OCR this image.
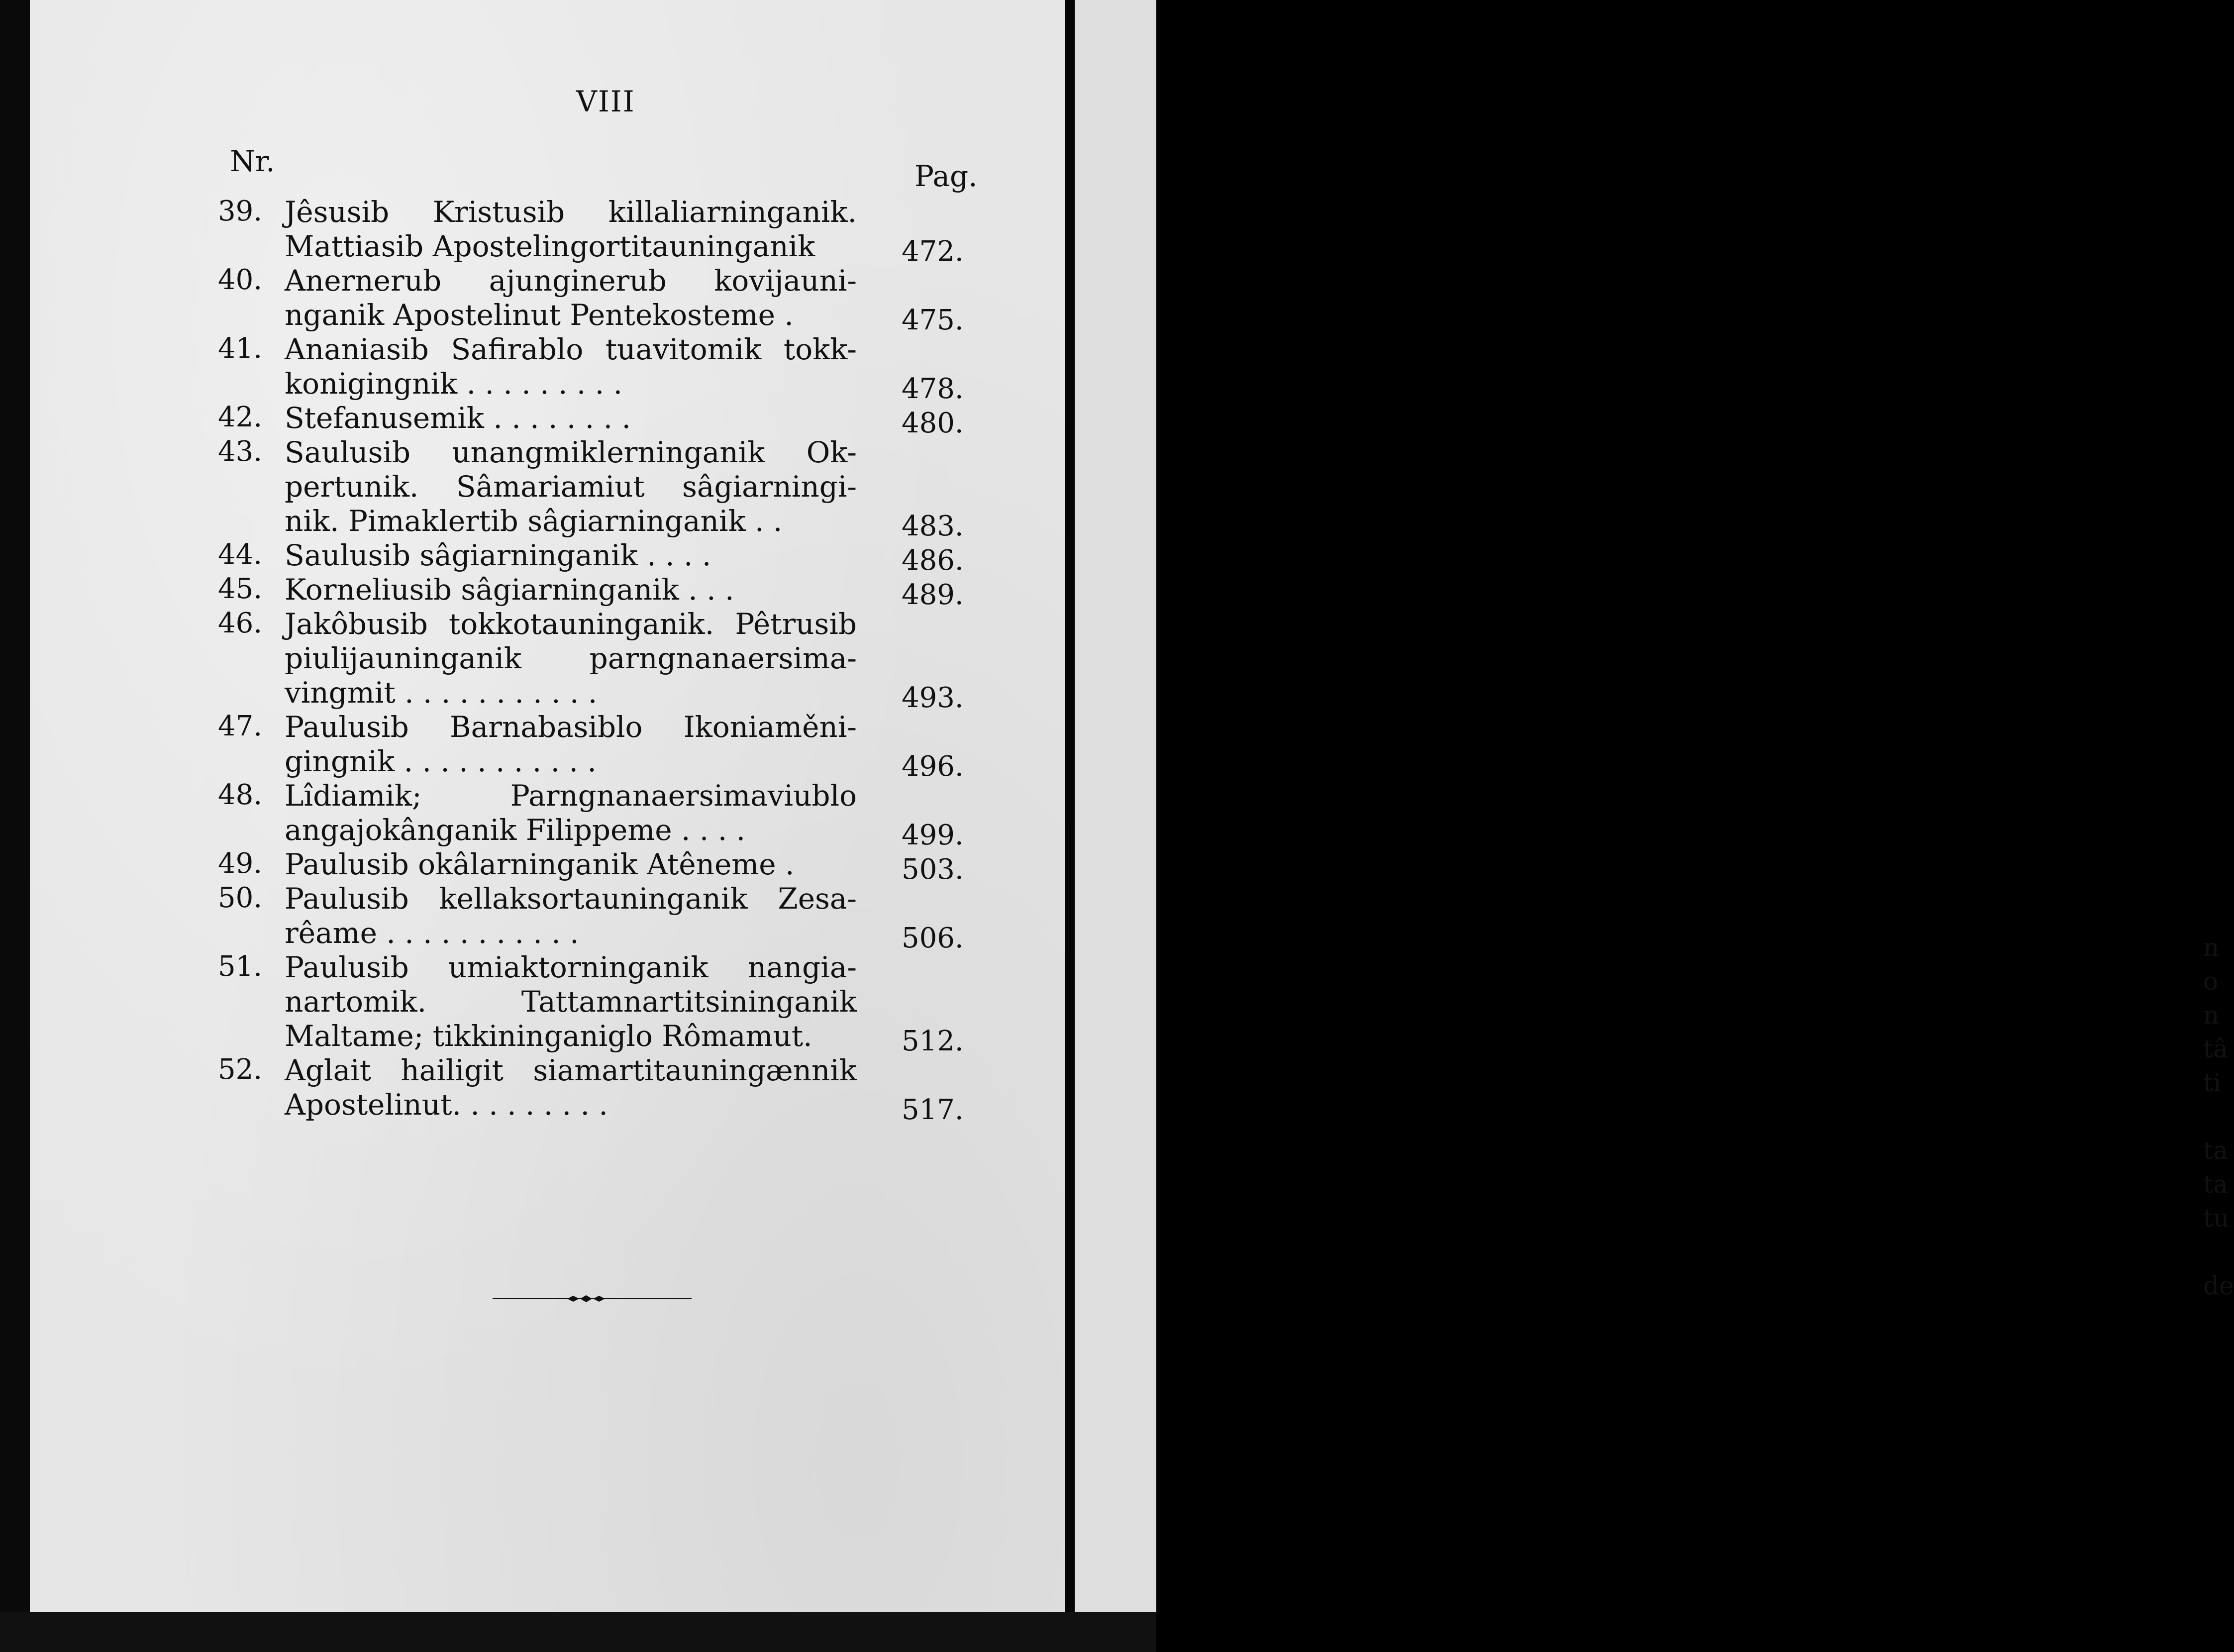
VIII
Nr.	Pag.
39. Jêsusib Kristusib killaliarninganik.
Mattiasib Apostelingortitauninganik	472.
40. Anernerub ajunginerub kovijauni-
nganik Apostelinut Pentekosteme .	475.
41. Ananiasib Safirablo tuavitomik tokk-
konigingnik . . . . . . . . .	478.
42. Stefanusemik . . . . . . . .	480.
43. Saulusib unangmiklerninganik Ok-
pertunik. Sâmariamiut sâgiarningi-
nik. Pimaklertib sâgiarninganik . .	483.
44. Saulusib sâgiarninganik . . . .	486.
45. Korneliusib sâgiarninganik . . .	489.
46. Jakôbusib tokkotauninganik. Pêtrusib
piulijauninganik parngnanaersima-
vingmit . . . . . . . . . . .	493.
47. Paulusib Barnabasiblo Ikoniaměni-
gingnik . . . . . . . . . . .	496.
48. Lîdiamik; Parngnanaersimaviublo
angajokânganik Filippeme . . . .	499.
49. Paulusib okâlarninganik Atêneme .	503.
50. Paulusib kellaksortauninganik Zesa-
rêame . . . . . . . . . . .	506.
51. Paulusib umiaktorninganik nangia-
nartomik. Tattamnartitsininganik
Maltame; tikkininganiglo Rômamut.	512.
52. Aglait hailigit siamartitauningænnik
Apostelinut. . . . . . . . .	517.
n
o
n
tâ
ti
ta
ta
tu
de
